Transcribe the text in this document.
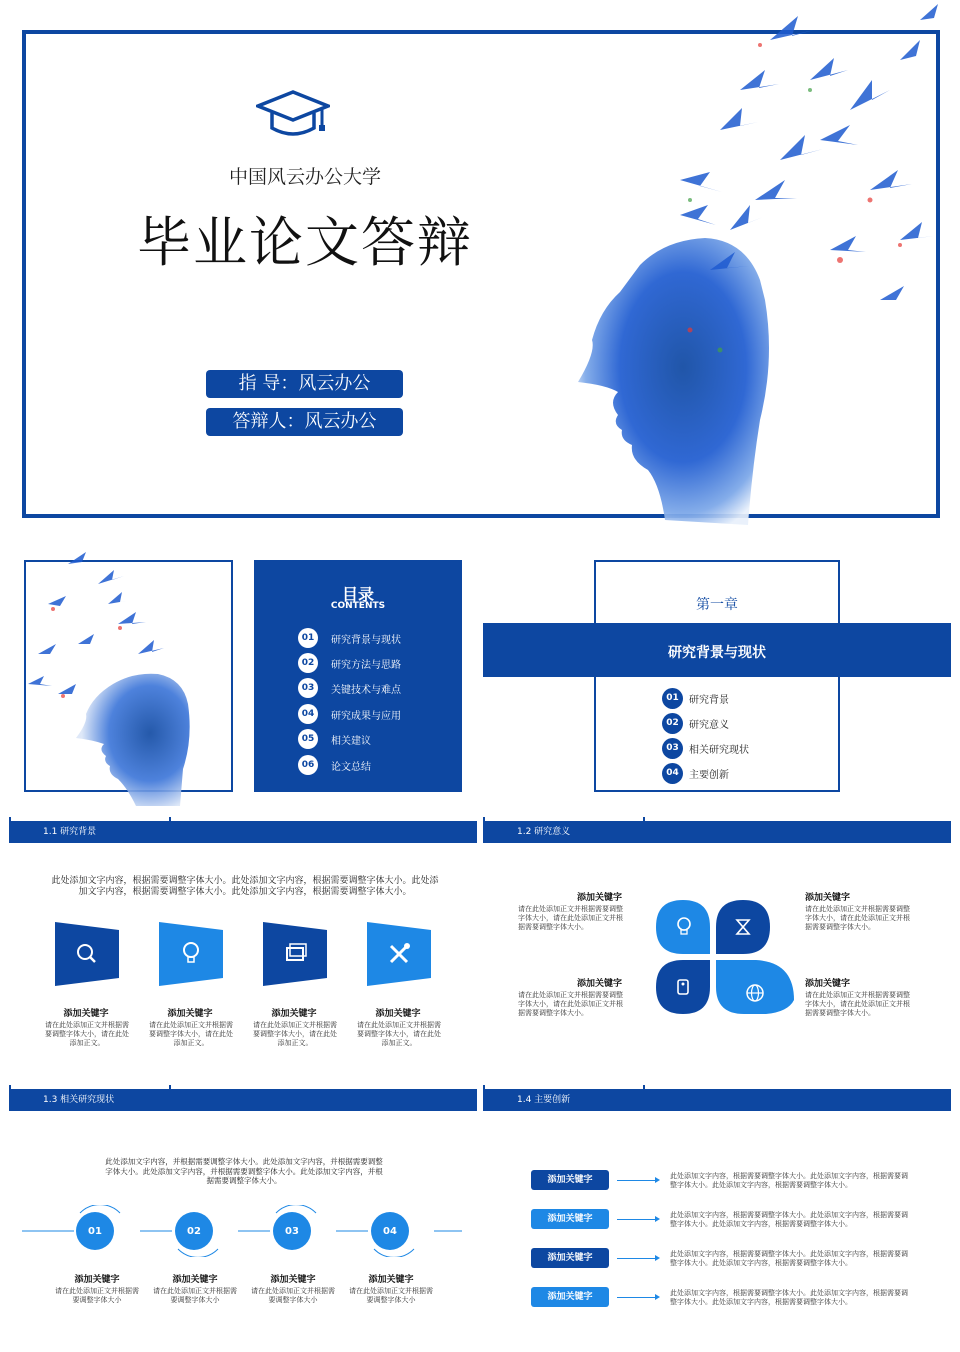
中国风云办公大学
毕业论文答辩
指 导：风云办公
答辩人：风云办公
目录
CONTENTS
01	研究背景与现状
02	研究方法与思路
03	关键技术与难点
04	研究成果与应用
05	相关建议
06	论文总结
第一章
研究背景与现状
01	研究背景
02	研究意义
03	相关研究现状
04	主要创新
1.1 研究背景
此处添加文字内容，根据需要调整字体大小。此处添加文字内容，根据需要调整字体大小。此处添加文字内容，根据需要调整字体大小。此处添加文字内容，根据需要调整字体大小。
添加关键字
请在此处添加正文并根据需要调整字体大小，请在此处添加正文。
添加关键字
请在此处添加正文并根据需要调整字体大小，请在此处添加正文。
添加关键字
请在此处添加正文并根据需要调整字体大小，请在此处添加正文。
添加关键字
请在此处添加正文并根据需要调整字体大小，请在此处添加正文。
1.2 研究意义
添加关键字
请在此处添加正文并根据需要调整字体大小，请在此处添加正文并根据需要调整字体大小。
添加关键字
请在此处添加正文并根据需要调整字体大小，请在此处添加正文并根据需要调整字体大小。
添加关键字
请在此处添加正文并根据需要调整字体大小，请在此处添加正文并根据需要调整字体大小。
添加关键字
请在此处添加正文并根据需要调整字体大小，请在此处添加正文并根据需要调整字体大小。
1.3 相关研究现状
此处添加文字内容，并根据需要调整字体大小。此处添加文字内容，并根据需要调整字体大小。此处添加文字内容，并根据需要调整字体大小。此处添加文字内容，并根据需要调整字体大小。
01	02	03	04
添加关键字
请在此处添加正文并根据需要调整字体大小
添加关键字
请在此处添加正文并根据需要调整字体大小
添加关键字
请在此处添加正文并根据需要调整字体大小
添加关键字
请在此处添加正文并根据需要调整字体大小
1.4 主要创新
添加关键字	此处添加文字内容，根据需要调整字体大小。此处添加文字内容，根据需要调整字体大小。此处添加文字内容，根据需要调整字体大小。
添加关键字	此处添加文字内容，根据需要调整字体大小。此处添加文字内容，根据需要调整字体大小。此处添加文字内容，根据需要调整字体大小。
添加关键字	此处添加文字内容，根据需要调整字体大小。此处添加文字内容，根据需要调整字体大小。此处添加文字内容，根据需要调整字体大小。
添加关键字	此处添加文字内容，根据需要调整字体大小。此处添加文字内容，根据需要调整字体大小。此处添加文字内容，根据需要调整字体大小。
